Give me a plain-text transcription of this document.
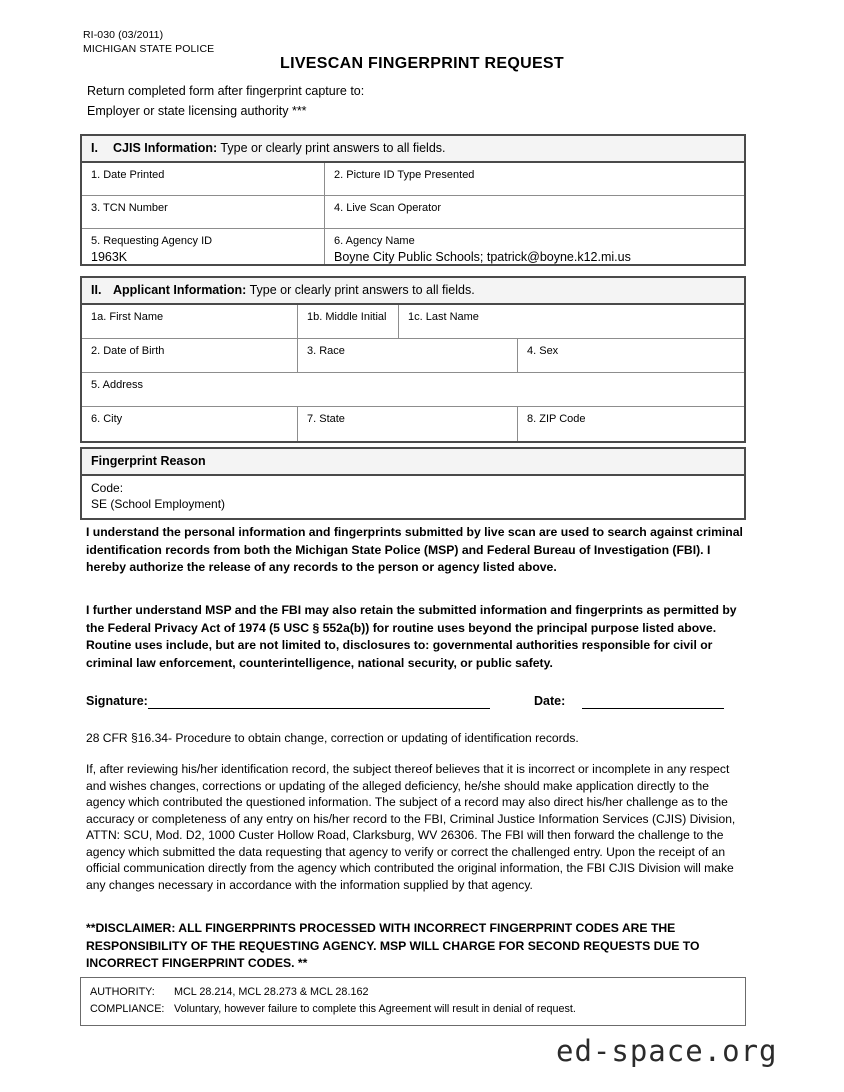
RI-030 (03/2011)
MICHIGAN STATE POLICE
LIVESCAN FINGERPRINT REQUEST
Return completed form after fingerprint capture to:
Employer or state licensing authority ***
I. CJIS Information: Type or clearly print answers to all fields.
1. Date Printed	2. Picture ID Type Presented
3. TCN Number	4. Live Scan Operator
5. Requesting Agency ID
1963K
6. Agency Name
Boyne City Public Schools; tpatrick@boyne.k12.mi.us
II. Applicant Information: Type or clearly print answers to all fields.
1a. First Name	1b. Middle Initial	1c. Last Name
2. Date of Birth	3. Race	4. Sex
5. Address
6. City	7. State	8. ZIP Code
Fingerprint Reason
Code:
SE (School Employment)
I understand the personal information and fingerprints submitted by live scan are used to search against criminal identification records from both the Michigan State Police (MSP) and Federal Bureau of Investigation (FBI). I hereby authorize the release of any records to the person or agency listed above.
I further understand MSP and the FBI may also retain the submitted information and fingerprints as permitted by the Federal Privacy Act of 1974 (5 USC § 552a(b)) for routine uses beyond the principal purpose listed above. Routine uses include, but are not limited to, disclosures to: governmental authorities responsible for civil or criminal law enforcement, counterintelligence, national security, or public safety.
Signature:	Date:
28 CFR §16.34- Procedure to obtain change, correction or updating of identification records.
If, after reviewing his/her identification record, the subject thereof believes that it is incorrect or incomplete in any respect and wishes changes, corrections or updating of the alleged deficiency, he/she should make application directly to the agency which contributed the questioned information. The subject of a record may also direct his/her challenge as to the accuracy or completeness of any entry on his/her record to the FBI, Criminal Justice Information Services (CJIS) Division, ATTN: SCU, Mod. D2, 1000 Custer Hollow Road, Clarksburg, WV 26306. The FBI will then forward the challenge to the agency which submitted the data requesting that agency to verify or correct the challenged entry. Upon the receipt of an official communication directly from the agency which contributed the original information, the FBI CJIS Division will make any changes necessary in accordance with the information supplied by that agency.
**DISCLAIMER: ALL FINGERPRINTS PROCESSED WITH INCORRECT FINGERPRINT CODES ARE THE RESPONSIBILITY OF THE REQUESTING AGENCY. MSP WILL CHARGE FOR SECOND REQUESTS DUE TO INCORRECT FINGERPRINT CODES. **
AUTHORITY:	MCL 28.214, MCL 28.273 & MCL 28.162
COMPLIANCE: Voluntary, however failure to complete this Agreement will result in denial of request.
ed-space.org
